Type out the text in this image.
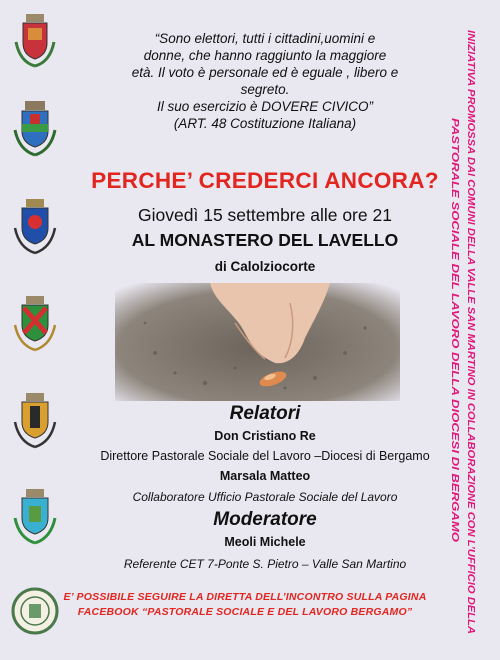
“Sono elettori, tutti i cittadini,uomini e
donne, che hanno raggiunto la maggiore
età. Il voto è personale ed è eguale , libero e
segreto.
Il suo esercizio è DOVERE CIVICO”
(ART. 48 Costituzione Italiana)
PERCHE’ CREDERCI ANCORA?
Giovedì 15 settembre alle ore 21
AL MONASTERO DEL LAVELLO
di Calolziocorte
Relatori
Don Cristiano Re
Direttore Pastorale Sociale del Lavoro –Diocesi di Bergamo
Marsala Matteo
Collaboratore Ufficio Pastorale Sociale del Lavoro
Moderatore
Meoli Michele
Referente CET 7-Ponte S. Pietro – Valle San Martino
E’ POSSIBILE SEGUIRE LA DIRETTA DELL’INCONTRO SULLA PAGINA
FACEBOOK “PASTORALE SOCIALE E DEL LAVORO BERGAMO”
INIZIATIVA PROMOSSA DAI COMUNI DELLA VALLE SAN MARTINO IN COLLABORAZIONE CON L’UFFICIO DELLA
PASTORALE SOCIALE DEL LAVORO DELLA DIOCESI DI BERGAMO
